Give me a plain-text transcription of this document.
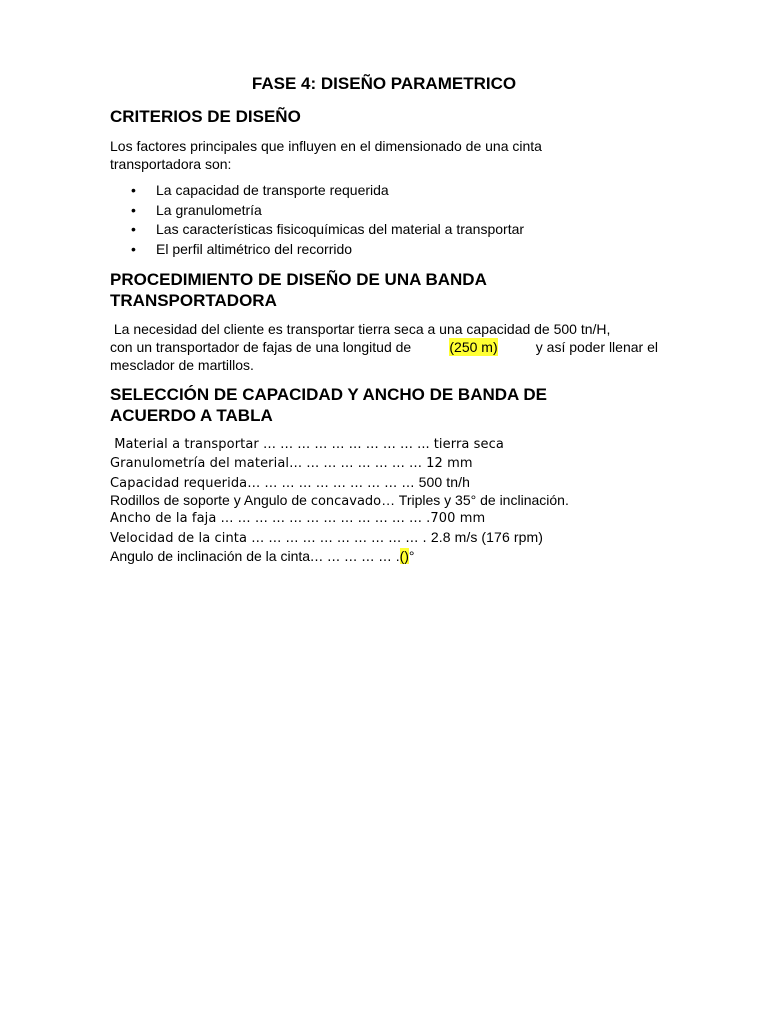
FASE 4: DISEÑO PARAMETRICO
CRITERIOS DE DISEÑO
Los factores principales que influyen en el dimensionado de una cinta
transportadora son:
• La capacidad de transporte requerida
• La granulometría
• Las características fisicoquímicas del material a transportar
• El perfil altimétrico del recorrido
PROCEDIMIENTO DE DISEÑO DE UNA BANDA
TRANSPORTADORA
La necesidad del cliente es transportar tierra seca a una capacidad de 500 tn/H,
con un transportador de fajas de una longitud de (250 m) y así poder llenar el
mesclador de martillos.
SELECCIÓN DE CAPACIDAD Y ANCHO DE BANDA DE
ACUERDO A TABLA
Material a transportar … … … … … … … … … ... tierra seca
Granulometría del material… … … … … … … … 12 mm
Capacidad requerida… … … … … … … … … … 500 tn/h
Rodillos de soporte y Angulo de concavado… Triples y 35° de inclinación.
Ancho de la faja … … … … … … … … … … … … .700 mm
Velocidad de la cinta … … … … … … … … … … . 2.8 m/s (176 rpm)
Angulo de inclinación de la cinta… … … … … .()°
